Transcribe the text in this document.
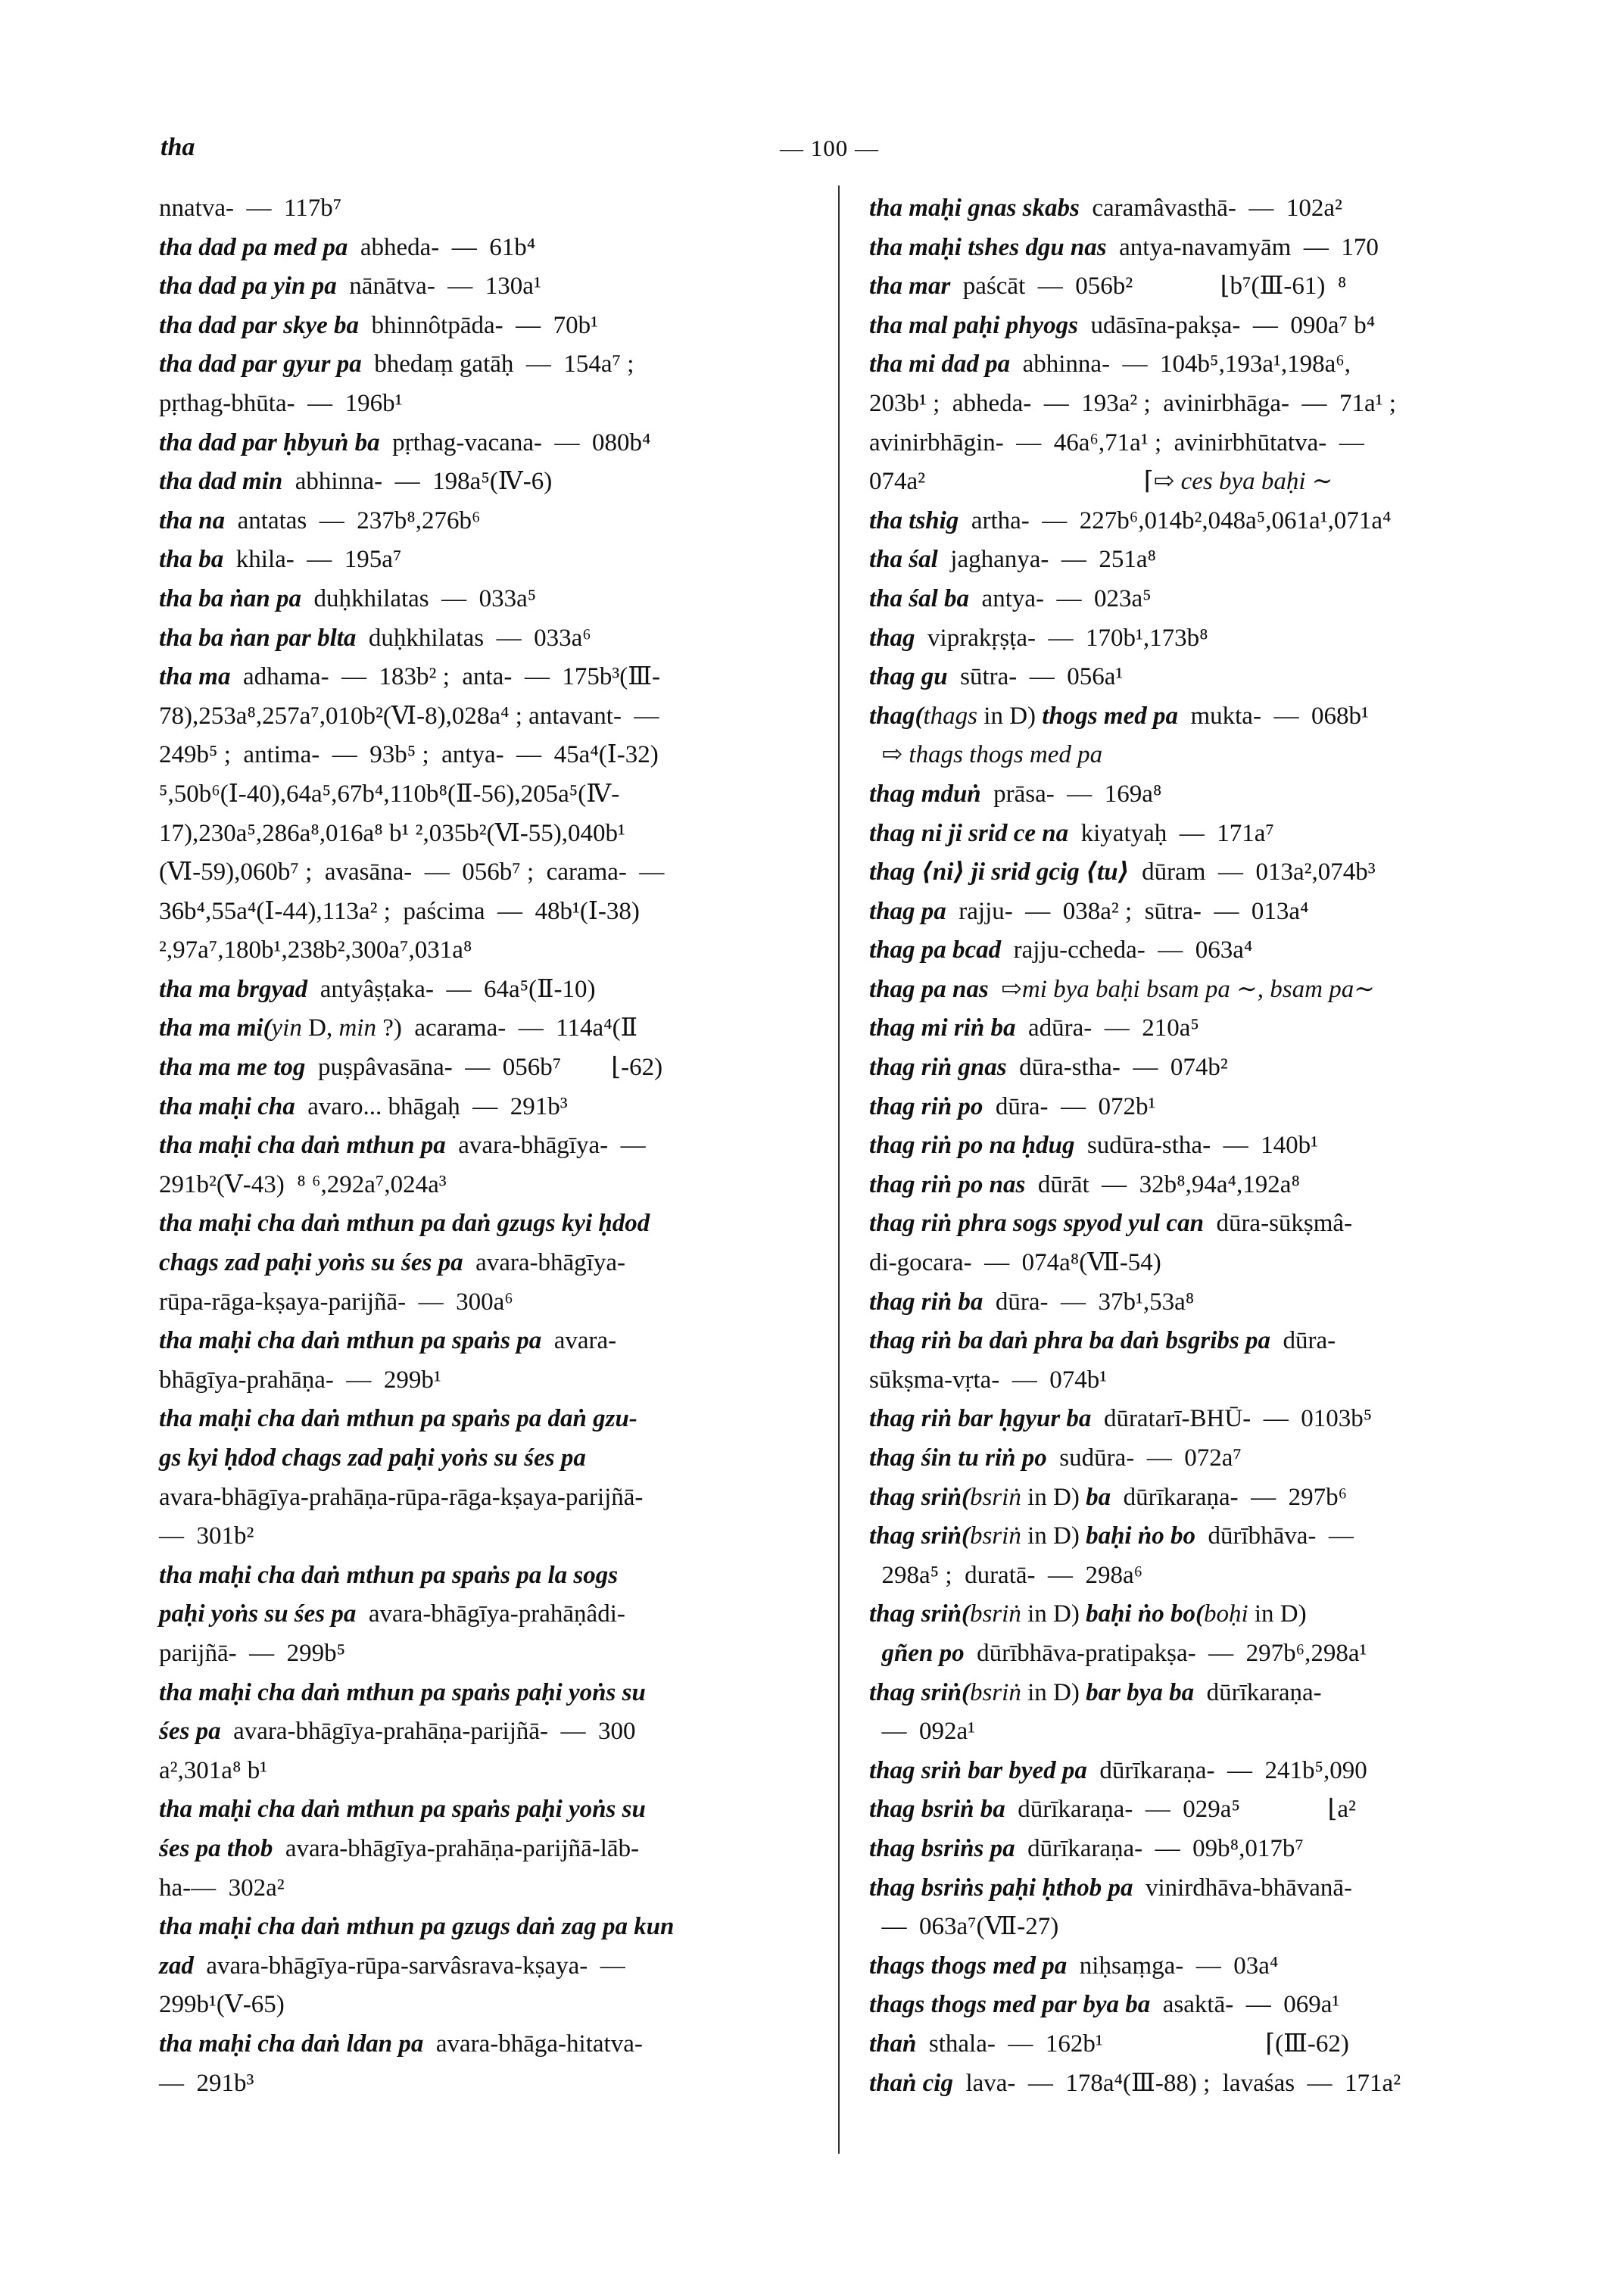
tha	— 100 —
nnatva-  —  117b⁷
tha dad pa med pa  abheda-  —  61b⁴
tha dad pa yin pa  nānātva-  —  130a¹
tha dad par skye ba  bhinnôtpāda-  —  70b¹
tha dad par gyur pa  bhedaṃ gatāḥ  —  154a⁷ ;
pṛthag-bhūta-  —  196b¹
tha dad par ḥbyuṅ ba  pṛthag-vacana-  —  080b⁴
tha dad min  abhinna-  —  198a⁵(Ⅳ-6)
tha na  antatas  —  237b⁸,276b⁶
tha ba  khila-  —  195a⁷
tha ba ṅan pa  duḥkhilatas  —  033a⁵
tha ba ṅan par blta  duḥkhilatas  —  033a⁶
tha ma  adhama-  —  183b² ;  anta-  —  175b³(Ⅲ-
78),253a⁸,257a⁷,010b²(Ⅵ-8),028a⁴ ; antavant-  —
249b⁵ ;  antima-  —  93b⁵ ;  antya-  —  45a⁴(Ⅰ-32)
⁵,50b⁶(Ⅰ-40),64a⁵,67b⁴,110b⁸(Ⅱ-56),205a⁵(Ⅳ-
17),230a⁵,286a⁸,016a⁸ b¹ ²,035b²(Ⅵ-55),040b¹
(Ⅵ-59),060b⁷ ;  avasāna-  —  056b⁷ ;  carama-  —
36b⁴,55a⁴(Ⅰ-44),113a² ;  paścima  —  48b¹(Ⅰ-38)
²,97a⁷,180b¹,238b²,300a⁷,031a⁸
tha ma brgyad  antyâṣṭaka-  —  64a⁵(Ⅱ-10)
tha ma mi(yin D, min ?)  acarama-  —  114a⁴(Ⅱ
tha ma me tog  puṣpâvasāna-  —  056b⁷        ⌊-62)
tha maḥi cha  avaro... bhāgaḥ  —  291b³
tha maḥi cha daṅ mthun pa  avara-bhāgīya-  —
291b²(Ⅴ-43)  ⁸ ⁶,292a⁷,024a³
tha maḥi cha daṅ mthun pa daṅ gzugs kyi ḥdod
chags zad paḥi yoṅs su śes pa  avara-bhāgīya-
rūpa-rāga-kṣaya-parijñā-  —  300a⁶
tha maḥi cha daṅ mthun pa spaṅs pa  avara-
bhāgīya-prahāṇa-  —  299b¹
tha maḥi cha daṅ mthun pa spaṅs pa daṅ gzu-
gs kyi ḥdod chags zad paḥi yoṅs su śes pa
avara-bhāgīya-prahāṇa-rūpa-rāga-kṣaya-parijñā-
—  301b²
tha maḥi cha daṅ mthun pa spaṅs pa la sogs
paḥi yoṅs su śes pa  avara-bhāgīya-prahāṇâdi-
parijñā-  —  299b⁵
tha maḥi cha daṅ mthun pa spaṅs paḥi yoṅs su
śes pa  avara-bhāgīya-prahāṇa-parijñā-  —  300
a²,301a⁸ b¹
tha maḥi cha daṅ mthun pa spaṅs paḥi yoṅs su
śes pa thob  avara-bhāgīya-prahāṇa-parijñā-lāb-
ha-—  302a²
tha maḥi cha daṅ mthun pa gzugs daṅ zag pa kun
zad  avara-bhāgīya-rūpa-sarvâsrava-kṣaya-  —
299b¹(Ⅴ-65)
tha maḥi cha daṅ ldan pa  avara-bhāga-hitatva-
—  291b³
tha maḥi gnas skabs  caramâvasthā-  —  102a²
tha maḥi tshes dgu nas  antya-navamyām  —  170
tha mar  paścāt  —  056b²              ⌊b⁷(Ⅲ-61)  ⁸
tha mal paḥi phyogs  udāsīna-pakṣa-  —  090a⁷ b⁴
tha mi dad pa  abhinna-  —  104b⁵,193a¹,198a⁶,
203b¹ ;  abheda-  —  193a² ;  avinirbhāga-  —  71a¹ ;
avinirbhāgin-  —  46a⁶,71a¹ ;  avinirbhūtatva-  —
074a²                                   ⌈⇨ ces bya baḥi ∼
tha tshig  artha-  —  227b⁶,014b²,048a⁵,061a¹,071a⁴
tha śal  jaghanya-  —  251a⁸
tha śal ba  antya-  —  023a⁵
thag  viprakṛṣṭa-  —  170b¹,173b⁸
thag gu  sūtra-  —  056a¹
thag(thags in D) thogs med pa  mukta-  —  068b¹
⇨ thags thogs med pa
thag mduṅ  prāsa-  —  169a⁸
thag ni ji srid ce na  kiyatyaḥ  —  171a⁷
thag ⟨ni⟩ ji srid gcig ⟨tu⟩  dūram  —  013a²,074b³
thag pa  rajju-  —  038a² ;  sūtra-  —  013a⁴
thag pa bcad  rajju-ccheda-  —  063a⁴
thag pa nas  ⇨mi bya baḥi bsam pa ∼, bsam pa∼
thag mi riṅ ba  adūra-  —  210a⁵
thag riṅ gnas  dūra-stha-  —  074b²
thag riṅ po  dūra-  —  072b¹
thag riṅ po na ḥdug  sudūra-stha-  —  140b¹
thag riṅ po nas  dūrāt  —  32b⁸,94a⁴,192a⁸
thag riṅ phra sogs spyod yul can  dūra-sūkṣmâ-
di-gocara-  —  074a⁸(Ⅶ-54)
thag riṅ ba  dūra-  —  37b¹,53a⁸
thag riṅ ba daṅ phra ba daṅ bsgribs pa  dūra-
sūkṣma-vṛta-  —  074b¹
thag riṅ bar ḥgyur ba  dūratarī-BHŪ-  —  0103b⁵
thag śin tu riṅ po  sudūra-  —  072a⁷
thag sriṅ(bsriṅ in D) ba  dūrīkaraṇa-  —  297b⁶
thag sriṅ(bsriṅ in D) baḥi ṅo bo  dūrībhāva-  —
298a⁵ ;  duratā-  —  298a⁶
thag sriṅ(bsriṅ in D) baḥi ṅo bo(boḥi in D)
gñen po  dūrībhāva-pratipakṣa-  —  297b⁶,298a¹
thag sriṅ(bsriṅ in D) bar bya ba  dūrīkaraṇa-
—  092a¹
thag sriṅ bar byed pa  dūrīkaraṇa-  —  241b⁵,090
thag bsriṅ ba  dūrīkaraṇa-  —  029a⁵              ⌊a²
thag bsriṅs pa  dūrīkaraṇa-  —  09b⁸,017b⁷
thag bsriṅs paḥi ḥthob pa  vinirdhāva-bhāvanā-
—  063a⁷(Ⅶ-27)
thags thogs med pa  niḥsaṃga-  —  03a⁴
thags thogs med par bya ba  asaktā-  —  069a¹
thaṅ  sthala-  —  162b¹                          ⌈(Ⅲ-62)
thaṅ cig  lava-  —  178a⁴(Ⅲ-88) ;  lavaśas  —  171a²
